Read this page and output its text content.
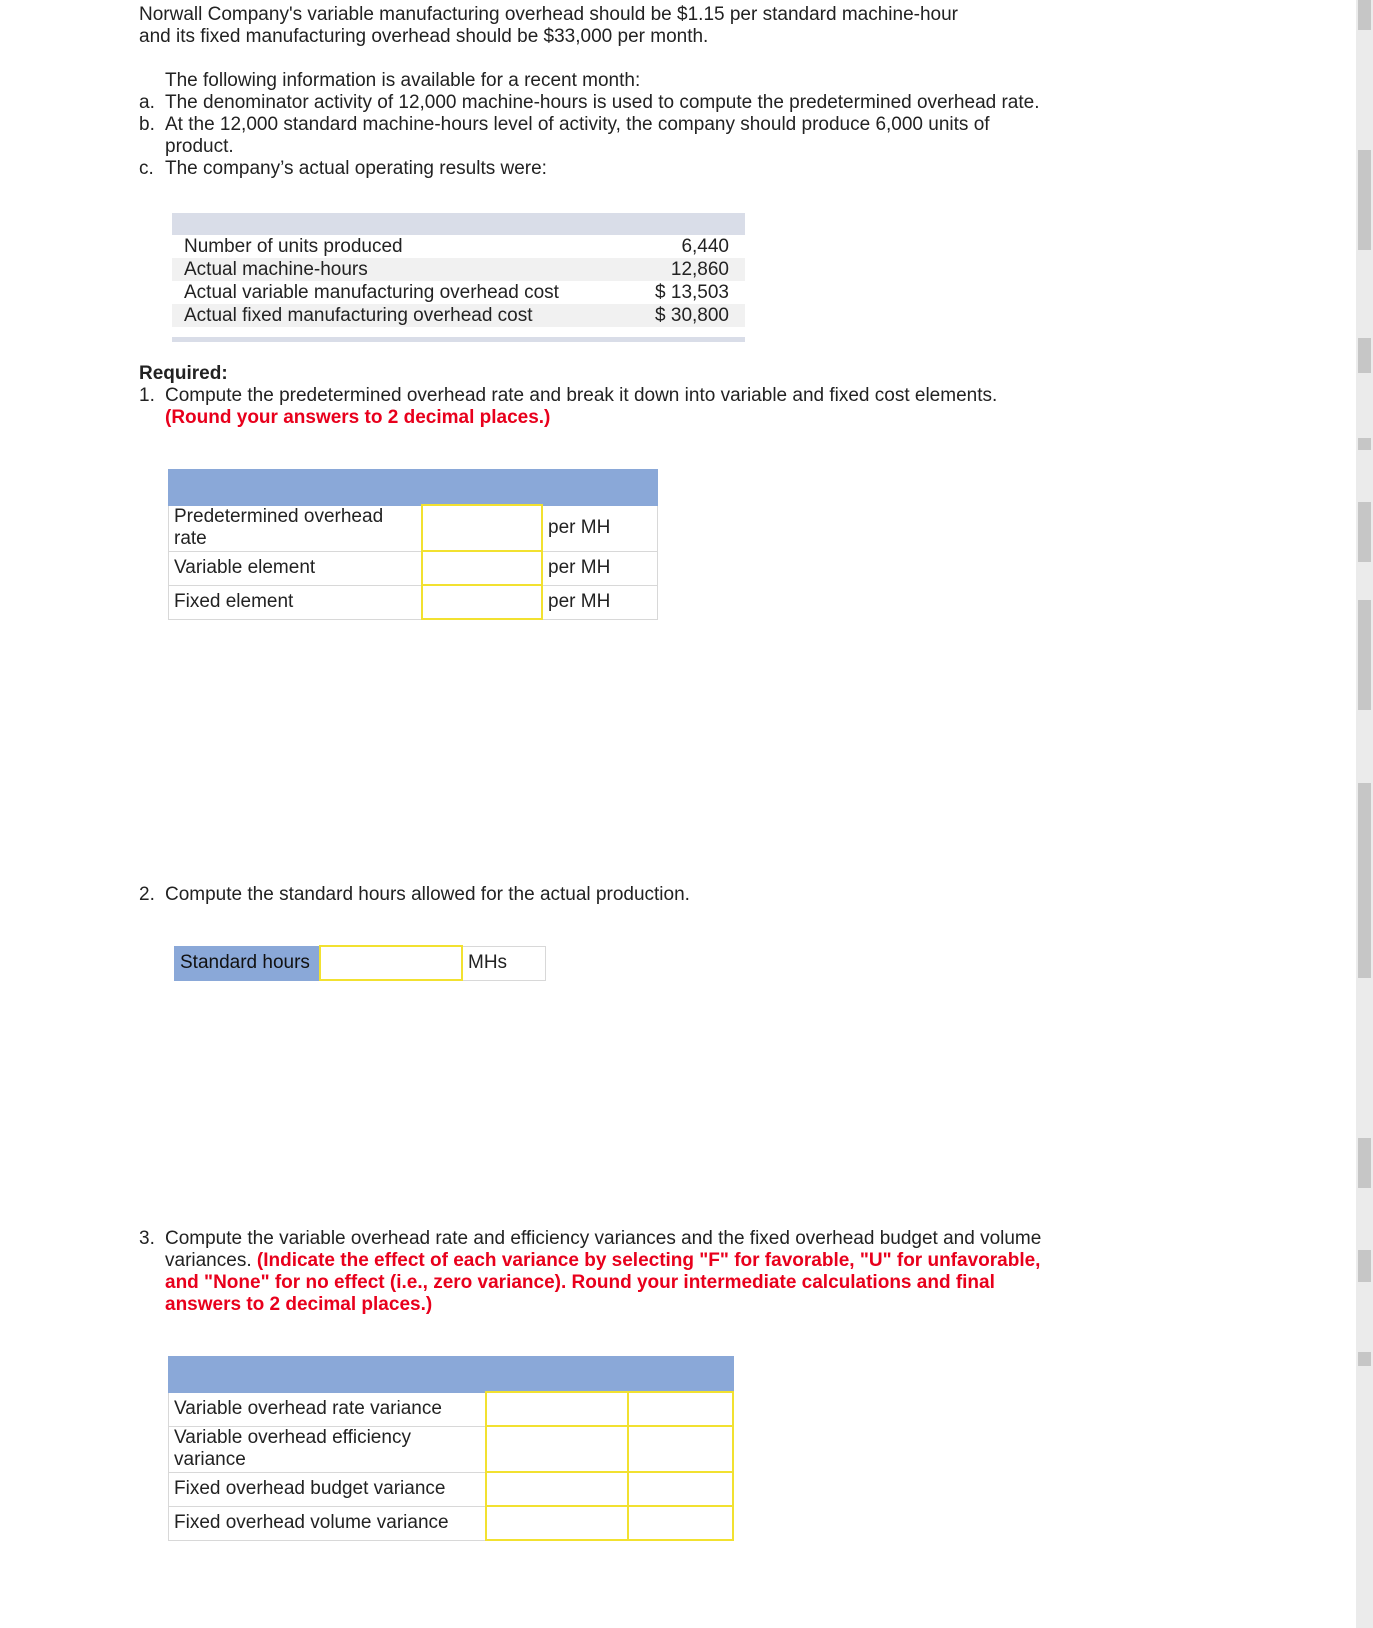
Norwall Company's variable manufacturing overhead should be $1.15 per standard machine-hour

and its fixed manufacturing overhead should be $33,000 per month.

The following information is available for a recent month:

a. The denominator activity of 12,000 machine-hours is used to compute the predetermined overhead rate.
b. At the 12,000 standard machine-hours level of activity, the company should produce 6,000 units of
product.
c. The company’s actual operating results were:
Number of units produced	6,440
Actual machine-hours	12,860
Actual variable manufacturing overhead cost	$ 13,503
Actual fixed manufacturing overhead cost	$ 30,800

Required:

1. Compute the predetermined overhead rate and break it down into variable and fixed cost elements.
(Round your answers to 2 decimal places.)

Predetermined overhead
rate		per MH
Variable element		per MH
Fixed element		per MH
2. Compute the standard hours allowed for the actual production.
Standard hours		MHs
3. Compute the variable overhead rate and efficiency variances and the fixed overhead budget and volume
variances. (Indicate the effect of each variance by selecting "F" for favorable, "U" for unfavorable,
and "None" for no effect (i.e., zero variance). Round your intermediate calculations and final
answers to 2 decimal places.)

Variable overhead rate variance	

Variable overhead efficiency
variance

Fixed overhead budget variance	

Fixed overhead volume variance	
